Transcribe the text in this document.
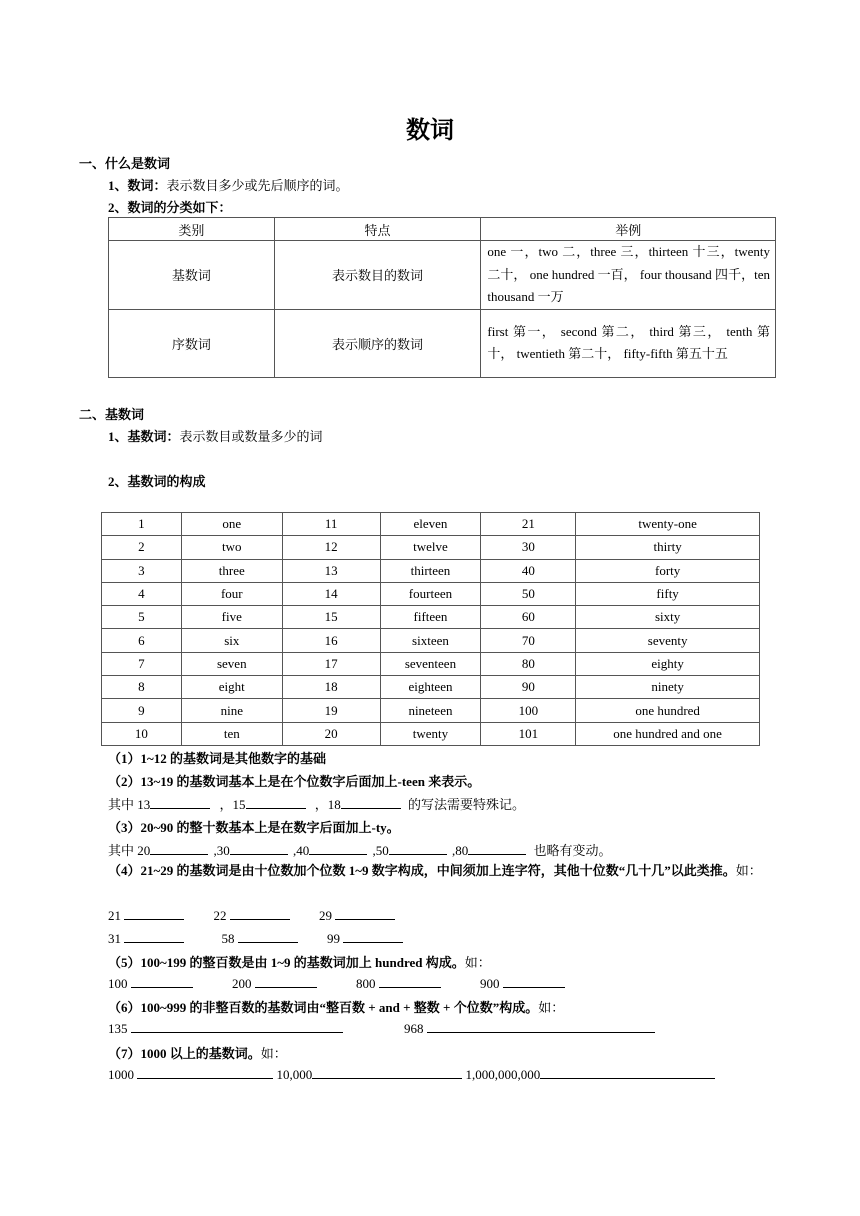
数词
一、什么是数词
1、数词：表示数目多少或先后顺序的词。
2、数词的分类如下：
类别	特点	举例
基数词	表示数目的数词	one 一，two 二，three 三，thirteen 十三，twenty 二十， one hundred 一百， four thousand 四千，ten thousand 一万
序数词	表示顺序的数词	first 第一， second 第二， third 第三， tenth 第十， twentieth 第二十， fifty-fifth 第五十五
二、基数词
1、基数词：表示数目或数量多少的词
2、基数词的构成
1	one	11	eleven	21	twenty-one
2	two	12	twelve	30	thirty
3	three	13	thirteen	40	forty
4	four	14	fourteen	50	fifty
5	five	15	fifteen	60	sixty
6	six	16	sixteen	70	seventy
7	seven	17	seventeen	80	eighty
8	eight	18	eighteen	90	ninety
9	nine	19	nineteen	100	one hundred
10	ten	20	twenty	101	one hundred and one
（1）1~12 的基数词是其他数字的基础
（2）13~19 的基数词基本上是在个位数字后面加上-teen 来表示。
其中 13	，15	，18	的写法需要特殊记。
（3）20~90 的整十数基本上是在数字后面加上-ty。
其中 20	,30	,40	,50	,80	也略有变动。
（4）21~29 的基数词是由十位数加个位数 1~9 数字构成，中间须加上连字符，其他十位数“几十几”以此类推。如：
21	22	29
31	58	99
（5）100~199 的整百数是由 1~9 的基数词加上 hundred 构成。如：
100	200	800	900
（6）100~999 的非整百数的基数词由“整百数 + and + 整数 + 个位数”构成。如：
135	968
（7）1000 以上的基数词。如：
1000	10,000	1,000,000,000
